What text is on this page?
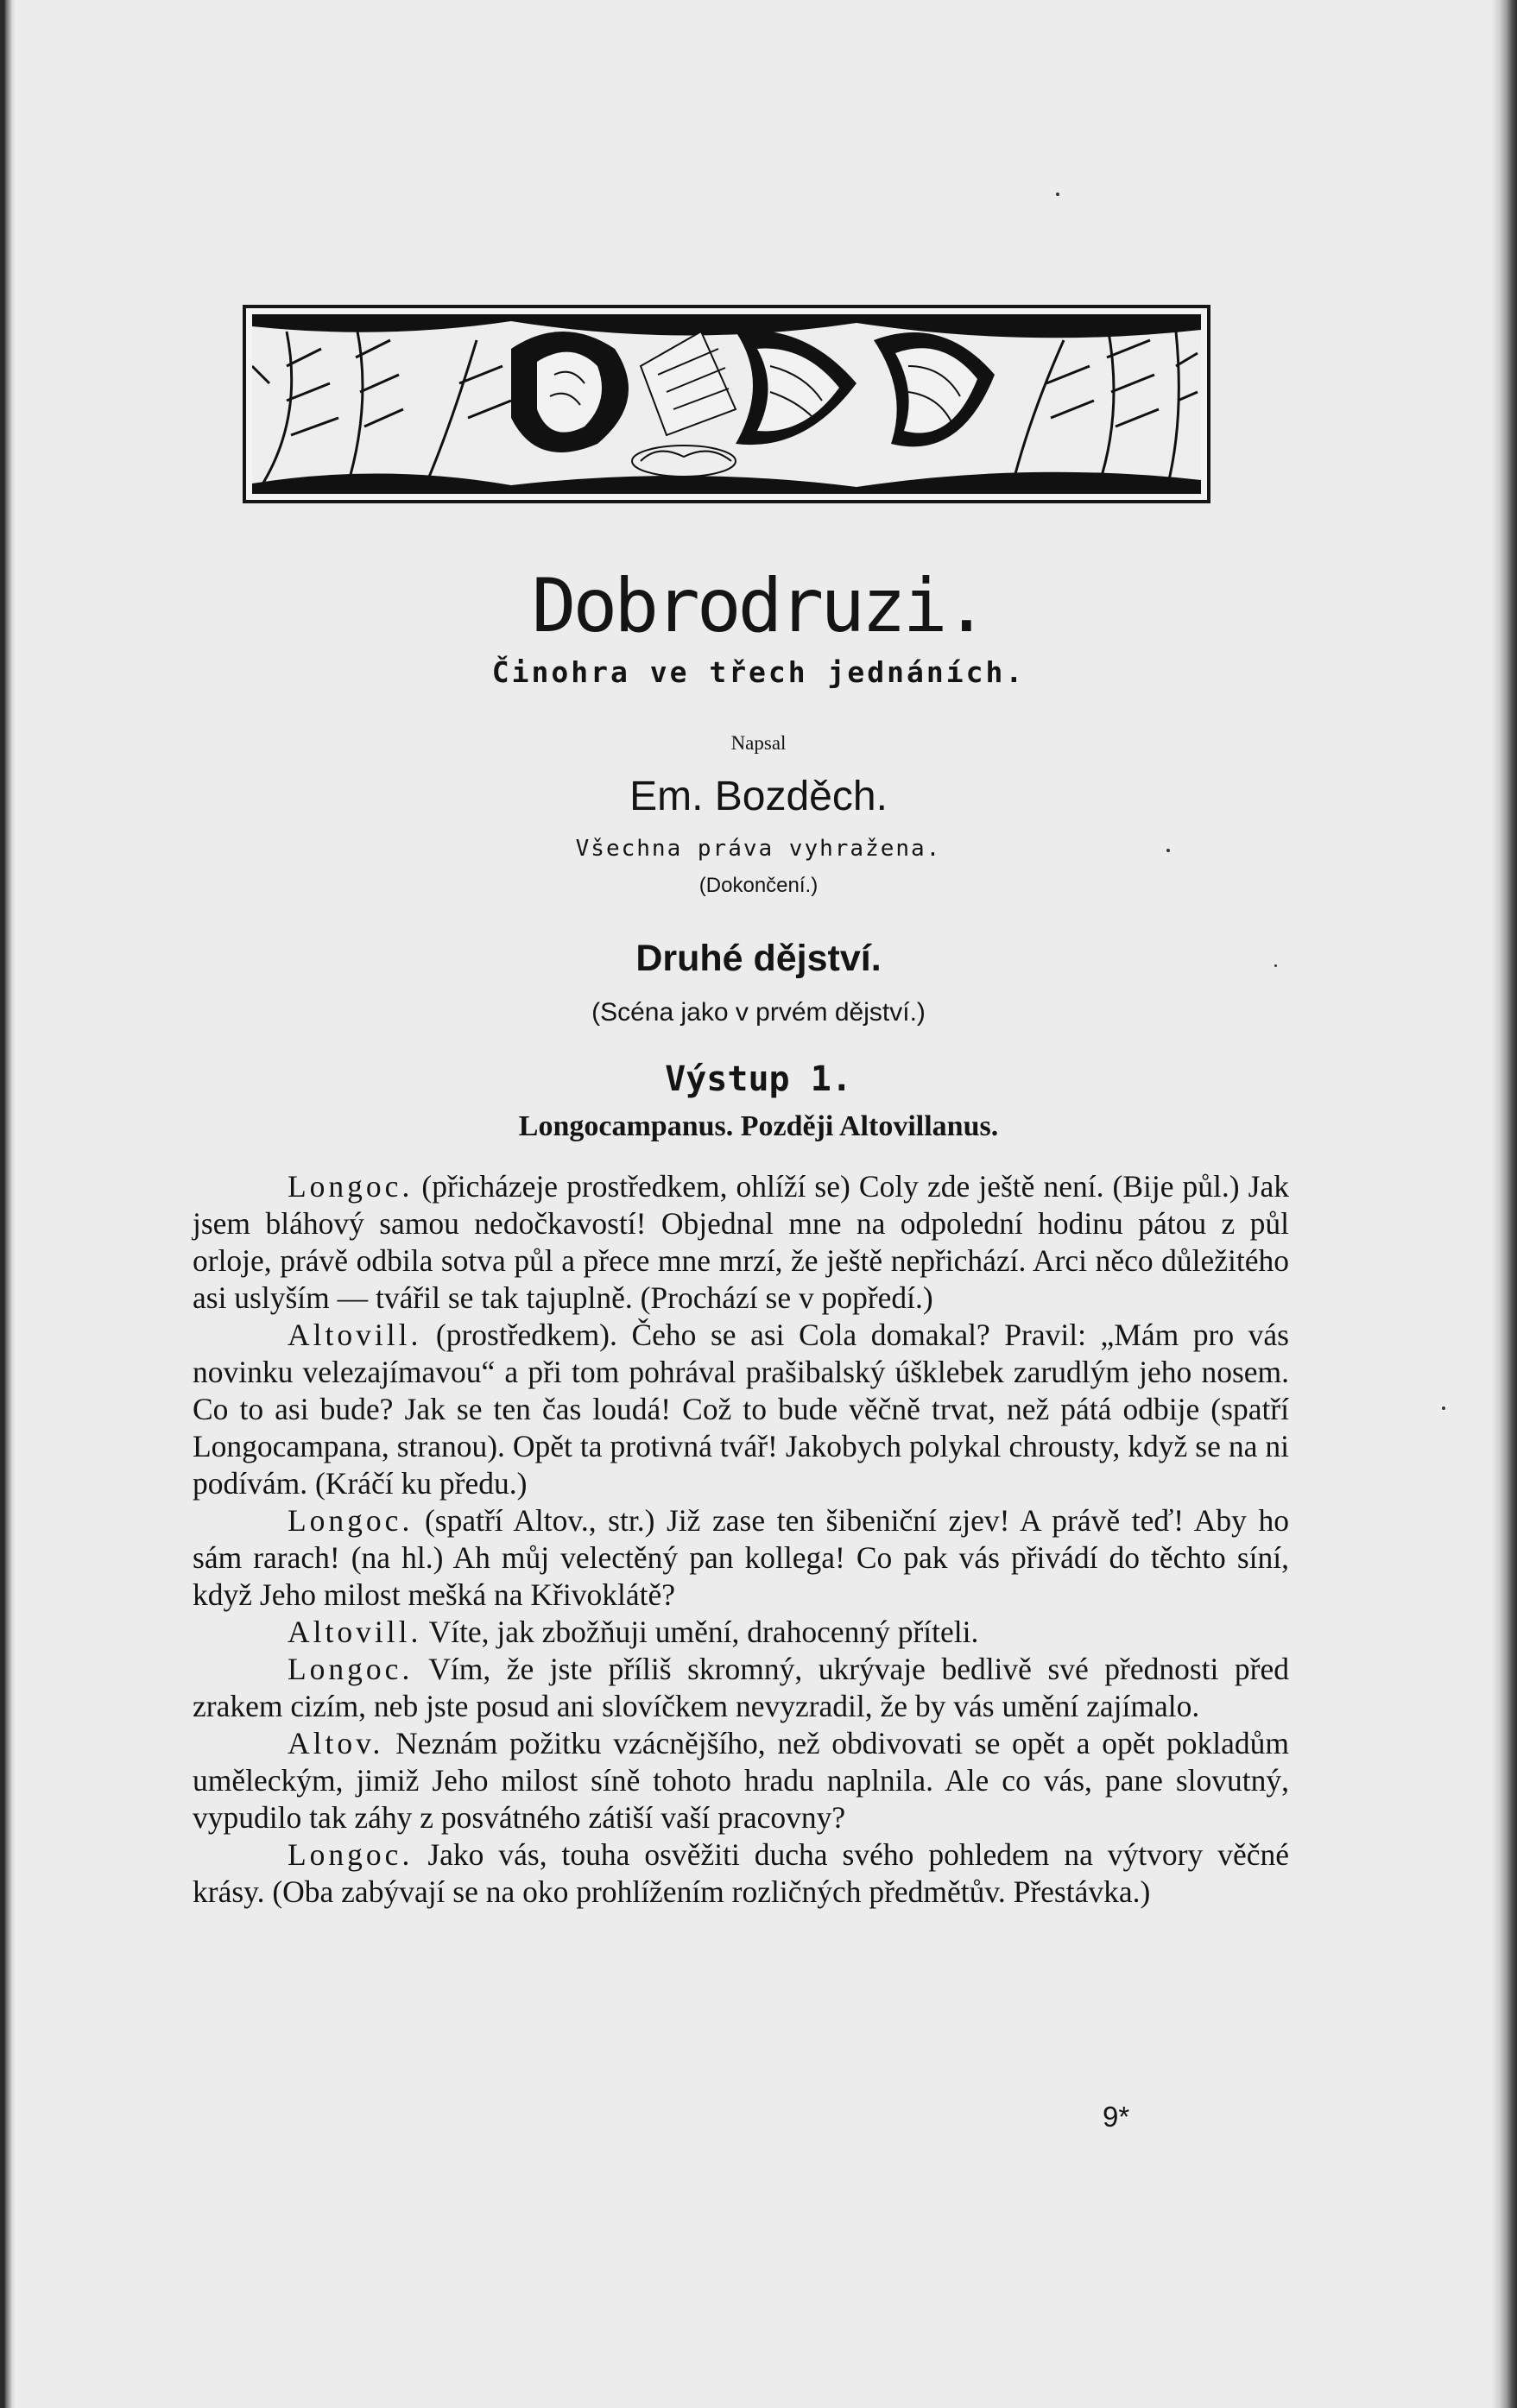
Dobrodruzi.
Činohra ve třech jednáních.
Napsal
Em. Bozděch.
Všechna práva vyhražena.
(Dokončení.)
Druhé dějství.
(Scéna jako v prvém dějství.)
Výstup 1.
Longocampanus. Později Altovillanus.

Longoc. (přicházeje prostředkem, ohlíží se) Coly zde ještě není. (Bije půl.) Jak jsem bláhový samou nedočkavostí! Objednal mne na odpolední hodinu pátou z půl orloje, právě odbila sotva půl a přece mne mrzí, že ještě nepřichází. Arci něco důležitého asi uslyším — tvářil se tak tajuplně. (Prochází se v popředí.)

Altovill. (prostředkem). Čeho se asi Cola domakal? Pravil: „Mám pro vás novinku velezajímavou“ a při tom pohrával prašibalský úšklebek zarudlým jeho nosem. Co to asi bude? Jak se ten čas loudá! Což to bude věčně trvat, než pátá odbije (spatří Longocampana, stranou). Opět ta protivná tvář! Jakobych polykal chrousty, když se na ni podívám. (Kráčí ku předu.)

Longoc. (spatří Altov., str.) Již zase ten šibeniční zjev! A právě teď! Aby ho sám rarach! (na hl.) Ah můj velectěný pan kollega! Co pak vás přivádí do těchto síní, když Jeho milost mešká na Křivoklátě?

Altovill. Víte, jak zbožňuji umění, drahocenný příteli.

Longoc. Vím, že jste příliš skromný, ukrývaje bedlivě své přednosti před zrakem cizím, neb jste posud ani slovíčkem nevyzradil, že by vás umění zajímalo.

Altov. Neznám požitku vzácnějšího, než obdivovati se opět a opět pokladům uměleckým, jimiž Jeho milost síně tohoto hradu naplnila. Ale co vás, pane slovutný, vypudilo tak záhy z posvátného zátiší vaší pracovny?

Longoc. Jako vás, touha osvěžiti ducha svého pohledem na výtvory věčné krásy. (Oba zabývají se na oko prohlížením rozličných předmětův. Přestávka.)

9*
